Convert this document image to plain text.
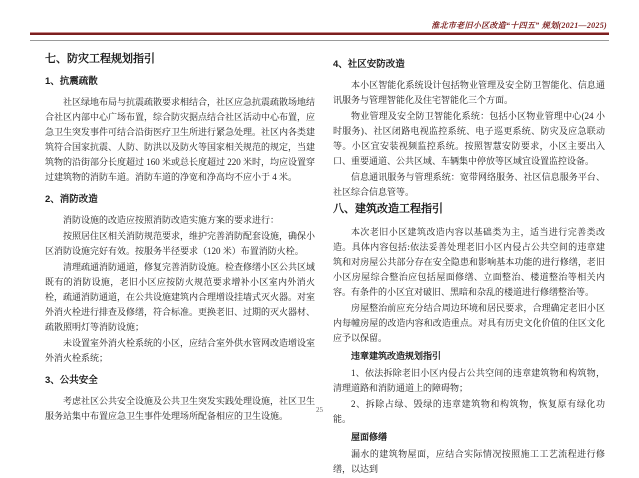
淮北市老旧小区改造“十四五” 规划(2021—2025)
七、防灾工程规划指引
1、抗震疏散

社区绿地布局与抗震疏散要求相结合，社区应急抗震疏散场地结合社区内部中心广场布置，综合防灾据点结合社区活动中心布置，应急卫生突发事件可结合沿街医疗卫生所进行紧急处理。社区内各类建筑符合国家抗震、人防、防洪以及防火等国家相关规范的规定，当建筑物的沿街部分长度超过 160 米或总长度超过 220 米时，均应设置穿过建筑物的消防车道。消防车道的净宽和净高均不应小于 4 米。

2、消防改造

消防设施的改造应按照消防改造实施方案的要求进行：

按照居住区相关消防规范要求，维护完善消防配套设施，确保小区消防设施完好有效。按服务半径要求（120 米）布置消防火栓。

清理疏通消防通道，修复完善消防设施。检查修缮小区公共区域既有的消防设施，老旧小区应按防火规范要求增补小区室内外消火栓，疏通消防通道，在公共设施建筑内合理增设挂墙式灭火器。对室外消火栓进行排查及修缮，符合标准。更换老旧、过期的灭火器材、疏散照明灯等消防设施；

未设置室外消火栓系统的小区，应结合室外供水管网改造增设室外消火栓系统；

3、公共安全

考虑社区公共安全设施及公共卫生突发实践处理设施，社区卫生服务站集中布置应急卫生事件处理场所配备相应的卫生设施。

4、社区安防改造

本小区智能化系统设计包括物业管理及安全防卫智能化、信息通讯服务与管理智能化及住宅智能化三个方面。

物业管理及安全防卫智能化系统：包括小区物业管理中心(24 小时服务)、社区闭路电视监控系统、电子巡更系统、防灾及应急联动等。小区宜安装视频监控系统。按照智慧安防要求，小区主要出入口、重要通道、公共区域、车辆集中停放等区域宜设置监控设备。

信息通讯服务与管理系统：宽带网络服务、社区信息服务平台、社区综合信息管等。

八、建筑改造工程指引

本次老旧小区建筑改造内容以基础类为主，适当进行完善类改造。具体内容包括:依法妥善处理老旧小区内侵占公共空间的违章建筑和对房屋公共部分存在安全隐患和影响基本功能的进行修缮，老旧小区房屋综合整治应包括屋面修缮、立面整治、楼道整治等相关内容。有条件的小区宜对破旧、黑暗和杂乱的楼道进行修缮整治等。

房屋整治前应充分结合周边环境和居民要求，合理确定老旧小区内每幢房屋的改造内容和改造重点。对具有历史文化价值的住区文化应予以保留。

违章建筑改造规划指引

1、依法拆除老旧小区内侵占公共空间的违章建筑物和构筑物，清理道路和消防通道上的障碍物；

2、拆除占绿、毁绿的违章建筑物和构筑物，恢复原有绿化功能。

屋面修缮

漏水的建筑物屋面，应结合实际情况按照施工工艺流程进行修缮，以达到

25
